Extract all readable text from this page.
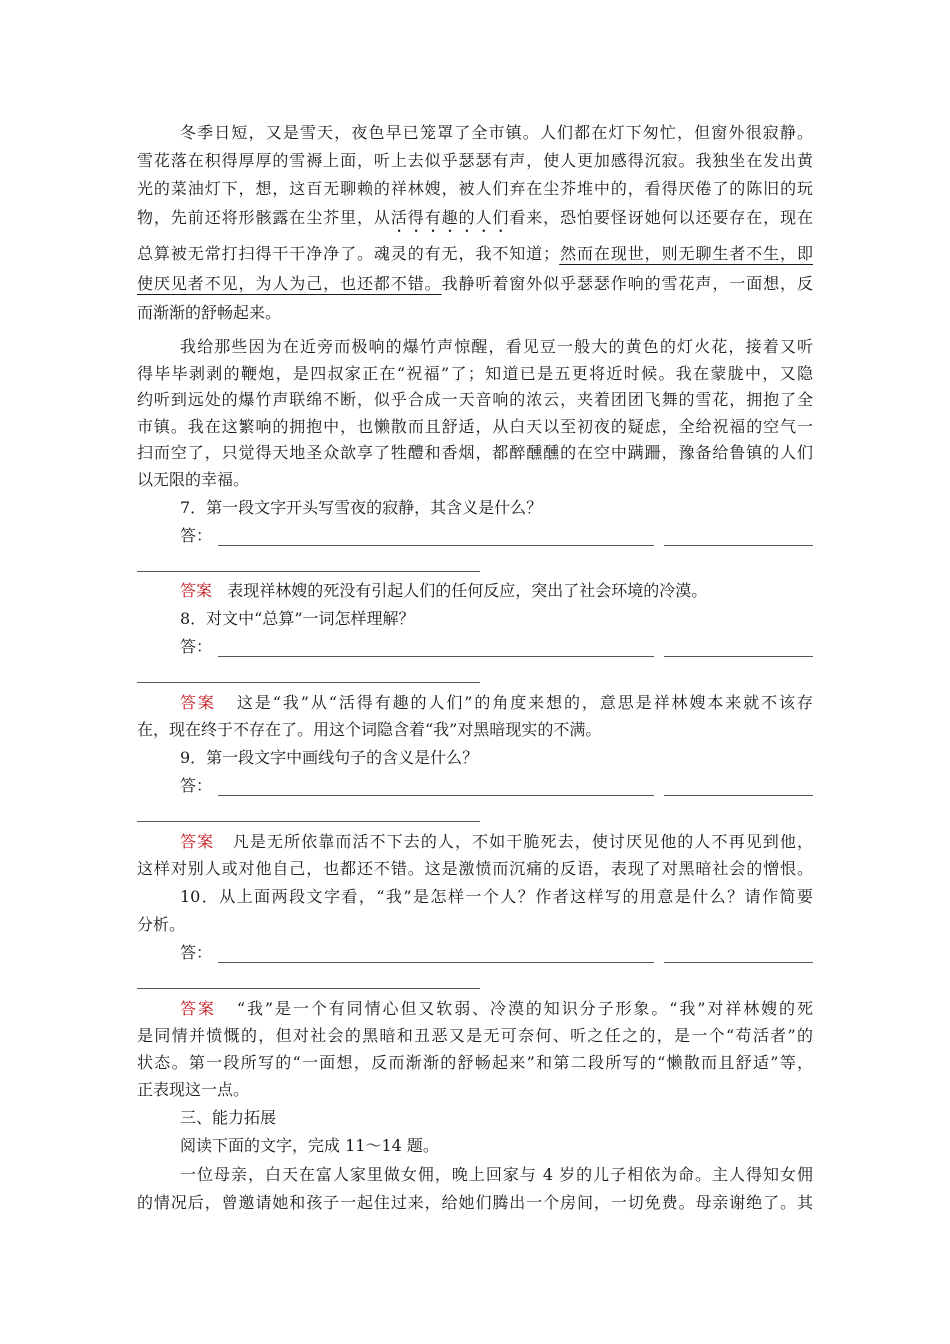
冬季日短，又是雪天，夜色早已笼罩了全市镇。人们都在灯下匆忙，但窗外很寂静。
雪花落在积得厚厚的雪褥上面，听上去似乎瑟瑟有声，使人更加感得沉寂。我独坐在发出黄
光的菜油灯下，想，这百无聊赖的祥林嫂，被人们弃在尘芥堆中的，看得厌倦了的陈旧的玩
物，先前还将形骸露在尘芥里，从活得有趣的人们看来，恐怕要怪讶她何以还要存在，现在
总算被无常打扫得干干净净了。魂灵的有无，我不知道；然而在现世，则无聊生者不生，即
使厌见者不见，为人为己，也还都不错。我静听着窗外似乎瑟瑟作响的雪花声，一面想，反
而渐渐的舒畅起来。
我给那些因为在近旁而极响的爆竹声惊醒，看见豆一般大的黄色的灯火花，接着又听
得毕毕剥剥的鞭炮，是四叔家正在“祝福”了；知道已是五更将近时候。我在蒙胧中，又隐
约听到远处的爆竹声联绵不断，似乎合成一天音响的浓云，夹着团团飞舞的雪花，拥抱了全
市镇。我在这繁响的拥抱中，也懒散而且舒适，从白天以至初夜的疑虑，全给祝福的空气一
扫而空了，只觉得天地圣众歆享了牲醴和香烟，都醉醺醺的在空中蹒跚，豫备给鲁镇的人们
以无限的幸福。
7．第一段文字开头写雪夜的寂静，其含义是什么？
答：
答案 表现祥林嫂的死没有引起人们的任何反应，突出了社会环境的冷漠。
8．对文中“总算”一词怎样理解？
答：
答案 这是“我”从“活得有趣的人们”的角度来想的，意思是祥林嫂本来就不该存
在，现在终于不存在了。用这个词隐含着“我”对黑暗现实的不满。
9．第一段文字中画线句子的含义是什么？
答：
答案 凡是无所依靠而活不下去的人，不如干脆死去，使讨厌见他的人不再见到他，
这样对别人或对他自己，也都还不错。这是激愤而沉痛的反语，表现了对黑暗社会的憎恨。
10．从上面两段文字看，“我”是怎样一个人？作者这样写的用意是什么？请作简要
分析。
答：
答案 “我”是一个有同情心但又软弱、冷漠的知识分子形象。“我”对祥林嫂的死
是同情并愤慨的，但对社会的黑暗和丑恶又是无可奈何、听之任之的，是一个“苟活者”的
状态。第一段所写的“一面想，反而渐渐的舒畅起来”和第二段所写的“懒散而且舒适”等，
正表现这一点。
三、能力拓展
阅读下面的文字，完成 11～14 题。
一位母亲，白天在富人家里做女佣，晚上回家与 4 岁的儿子相依为命。主人得知女佣
的情况后，曾邀请她和孩子一起住过来，给她们腾出一个房间，一切免费。母亲谢绝了。其
